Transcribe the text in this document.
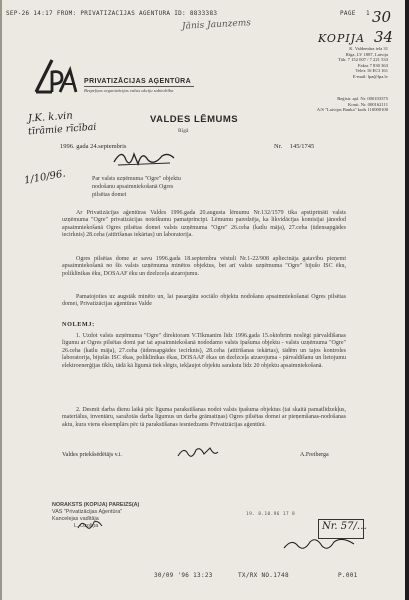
SEP-26 14:17 FROM: PRIVATIZACIJAS AGENTURA ID: 8833383	PAGE 1
Jānis Jaunzems	30
34
KOPIJA
PRIVATIZĀCIJAS AĢENTŪRA
Bezpeļņas organizācijas valsts akciju sabiedrība
K. Valdemāra iela 31
Rīga, LV 1887, Latvija
Tālr. 7 152 007 / 7 221 533
Fakss 7 830 363
Telex 16 ECI 161
E-mail: lpa@lpa.lv
Reģistr. apl. Nr. 000103375
Konti. Nr. 000162111
A/S "Latvijas Banka" kods 110000100
J.K. k.vin
tīrāmie rīcībai
1/10/96.
VALDES LĒMUMS
Rīgā
1996. gada 24.septembris	Nr. 145/1745
Par valsts uzņēmuma "Ogre" objektu
nodošanu apsaimniekošanā Ogres
pilsētas domei
Ar Privatizācijas aģentūras Valdes 1996.gada 20.augusta lēmumu Nr.132/1579 tika apstiprināti valsts uzņēmuma "Ogre" privatizācijas noteikumu pamatprincipi. Lēmumu paredzēja, ka likvidācijas komisijai jānodod apsaimniekošanā Ogres pilsētas domei valsts uzņēmuma "Ogre" 26.ceha (katlu māja), 27.ceha (ūdensapgādes iecirknis) 28.ceha (attīrīšanas iekārtas) un laboratorija.
Ogres pilsētas dome ar savu 1996.gada 18.septembra vēstuli Nr.1-22/908 apliecināja gatavību pieņemt apsaimniekošanā no šīs valsts uzņēmuma minētos objektus, bet arī valsts uzņēmuma "Ogre" bijušo ISC ēku, poliklīnikas ēku, DOSAAF ēku un dzelzceļa atzarojumu.
Pamatojoties uz augstāk minēto un, lai pasargātu sociālo objektu nodošanu apsaimniekošanai Ogres pilsētas domei, Privatizācijas aģentūras Valde
NOLEMJ:
1. Uzdot valsts uzņēmuma "Ogre" direktoram V.Tikmanim līdz 1996.gada 15.oktobrim noslēgt pārvaldīšanas līgumu ar Ogres pilsētas domi par tai apsaimniekošanā nododamo valsts īpašuma objektu - valsts uzņēmuma "Ogre" 26.ceha (katlu māja), 27.ceha (ūdensapgādes iecirknis), 28.ceha (attīrīšanas iekārtas), tādēm un tajos kontroles laboratorija, bijušās ISC ēkas, poliklīnikas ēkas, DOSAAF ēkas un dzelzceļa atzarojuma - pārvaldīšanu un lietojumu elektroenerģijas tīklu, tādā kā līgumā tiek slēgts, iekļaujot objektu sarakstu līdz 20 objektu apsaimniekošanā.
2. Desmit darba dienu laikā pēc līguma parakstīšanas nodot valsts īpašuma objektus (tai skaitā pamatlīdzekļus, materiālus, inventāru, saražotās darba līgumus un darba grāmatiņas) Ogres pilsētas domei ar pieņemšanas-nodošanas aktu, kura viens eksemplārs pēc tā parakstīšanas iesniedzams Privatizācijas aģentūrā.
Valdes priekšsēdētājs v.i.	A.Freiberga
NORAKSTS (KOPIJA) PAREIZS(A)
VAS "Privatizācijas Aģentūra"
Kancelejas vadītāja
L. Ozoliņa	Nr. 57/…
19. 8.10.96 17 8
30/09 '96 13:23	TX/RX NO.1748	P.001
